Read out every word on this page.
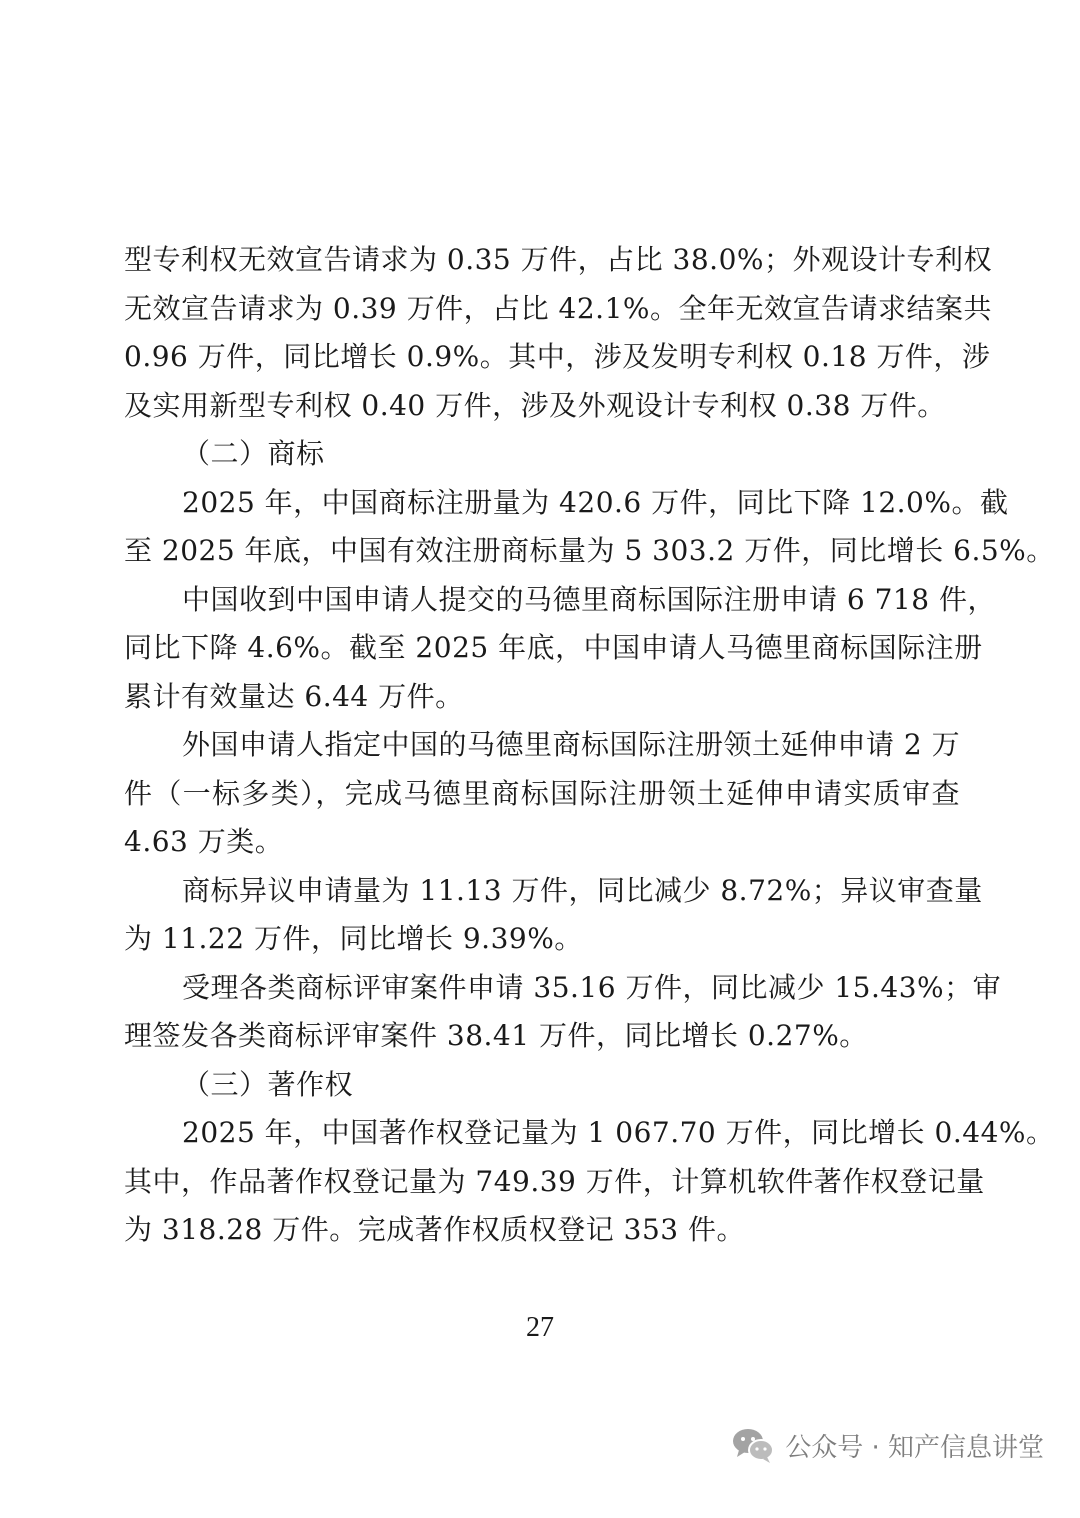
型专利权无效宣告请求为 0.35 万件，占比 38.0%；外观设计专利权
无效宣告请求为 0.39 万件，占比 42.1%。全年无效宣告请求结案共
0.96 万件，同比增长 0.9%。其中，涉及发明专利权 0.18 万件，涉
及实用新型专利权 0.40 万件，涉及外观设计专利权 0.38 万件。
（二）商标
2025 年，中国商标注册量为 420.6 万件，同比下降 12.0%。截
至 2025 年底，中国有效注册商标量为 5 303.2 万件，同比增长 6.5%。
中国收到中国申请人提交的马德里商标国际注册申请 6 718 件，
同比下降 4.6%。截至 2025 年底，中国申请人马德里商标国际注册
累计有效量达 6.44 万件。
外国申请人指定中国的马德里商标国际注册领土延伸申请 2 万
件（一标多类），完成马德里商标国际注册领土延伸申请实质审查
4.63 万类。
商标异议申请量为 11.13 万件，同比减少 8.72%；异议审查量
为 11.22 万件，同比增长 9.39%。
受理各类商标评审案件申请 35.16 万件，同比减少 15.43%；审
理签发各类商标评审案件 38.41 万件，同比增长 0.27%。
（三）著作权
2025 年，中国著作权登记量为 1 067.70 万件，同比增长 0.44%。
其中，作品著作权登记量为 749.39 万件，计算机软件著作权登记量
为 318.28 万件。完成著作权质权登记 353 件。
27
公众号 · 知产信息讲堂
